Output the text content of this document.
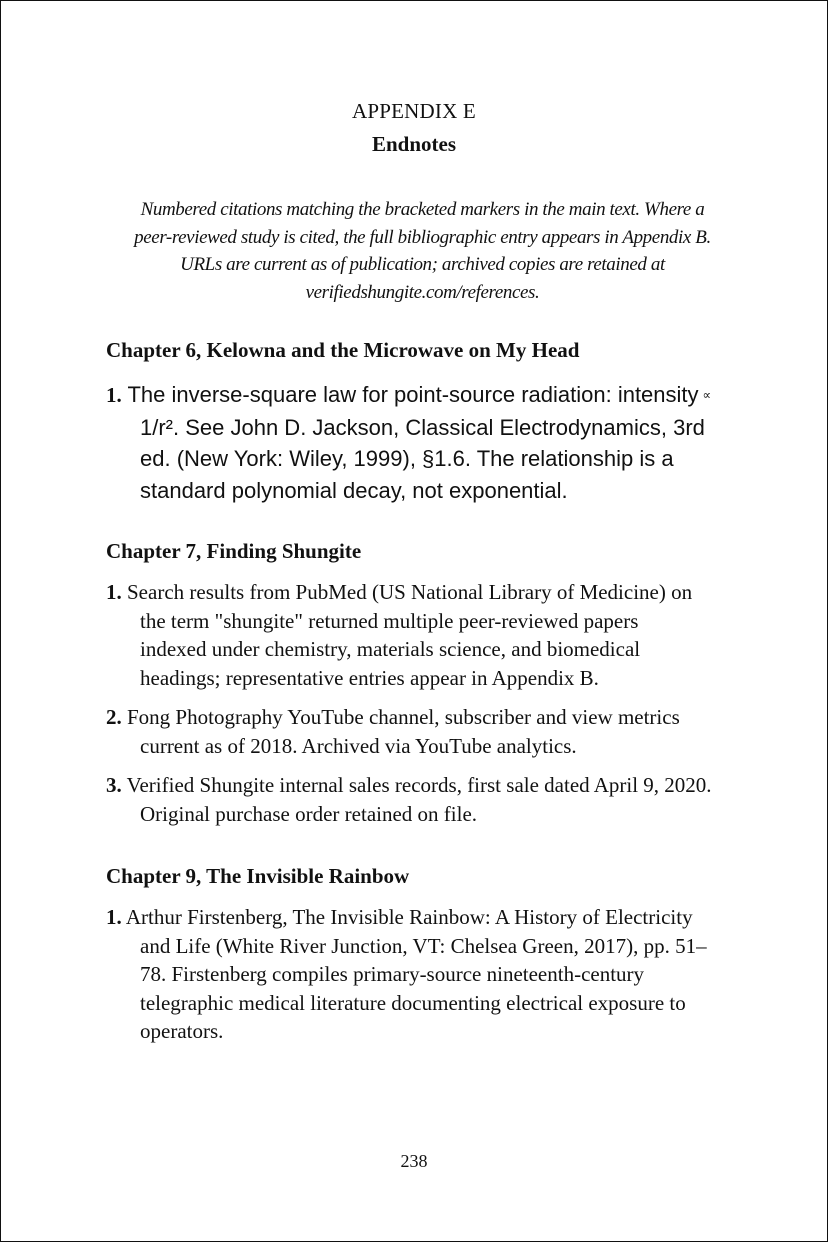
APPENDIX E
Endnotes
Numbered citations matching the bracketed markers in the main text. Where a
peer-reviewed study is cited, the full bibliographic entry appears in Appendix B.
URLs are current as of publication; archived copies are retained at
verifiedshungite.com/references.
Chapter 6, Kelowna and the Microwave on My Head
1. The inverse-square law for point-source radiation: intensity ∝
1/r². See John D. Jackson, Classical Electrodynamics, 3rd
ed. (New York: Wiley, 1999), §1.6. The relationship is a
standard polynomial decay, not exponential.
Chapter 7, Finding Shungite
1. Search results from PubMed (US National Library of Medicine) on
the term "shungite" returned multiple peer-reviewed papers
indexed under chemistry, materials science, and biomedical
headings; representative entries appear in Appendix B.
2. Fong Photography YouTube channel, subscriber and view metrics
current as of 2018. Archived via YouTube analytics.
3. Verified Shungite internal sales records, first sale dated April 9, 2020.
Original purchase order retained on file.
Chapter 9, The Invisible Rainbow
1. Arthur Firstenberg, The Invisible Rainbow: A History of Electricity
and Life (White River Junction, VT: Chelsea Green, 2017), pp. 51–
78. Firstenberg compiles primary-source nineteenth-century
telegraphic medical literature documenting electrical exposure to
operators.
238
